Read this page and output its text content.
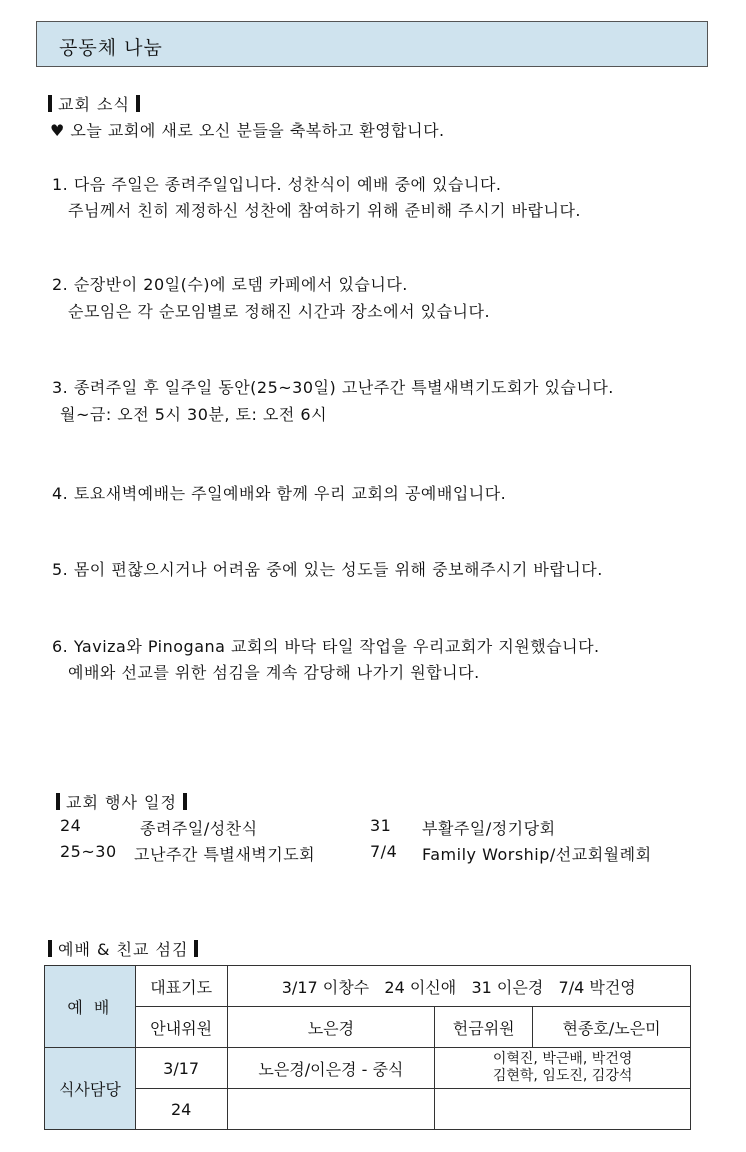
공동체 나눔
교회 소식
♥ 오늘 교회에 새로 오신 분들을 축복하고 환영합니다.
1. 다음 주일은 종려주일입니다. 성찬식이 예배 중에 있습니다.
주님께서 친히 제정하신 성찬에 참여하기 위해 준비해 주시기 바랍니다.
2. 순장반이 20일(수)에 로뎀 카페에서 있습니다.
순모임은 각 순모임별로 정해진 시간과 장소에서 있습니다.
3. 종려주일 후 일주일 동안(25~30일) 고난주간 특별새벽기도회가 있습니다.
월~금: 오전 5시 30분, 토: 오전 6시
4. 토요새벽예배는 주일예배와 함께 우리 교회의 공예배입니다.
5. 몸이 편찮으시거나 어려움 중에 있는 성도들 위해 중보해주시기 바랍니다.
6. Yaviza와 Pinogana 교회의 바닥 타일 작업을 우리교회가 지원했습니다.
예배와 선교를 위한 섬김을 계속 감당해 나가기 원합니다.
교회 행사 일정
24	종려주일/성찬식	31 부활주일/정기당회
25~30 고난주간 특별새벽기도회	7/4 Family Worship/선교회월례회
예배 & 친교 섬김
예 배	대표기도	3/17 이창수   24 이신애   31 이은경   7/4 박건영		
	안내위원	노은경	헌금위원	현종호/노은미
식사담당	3/17	노은경/이은경 - 중식	이혁진, 박근배, 박건영
김현학, 임도진, 김강석	

	24			
